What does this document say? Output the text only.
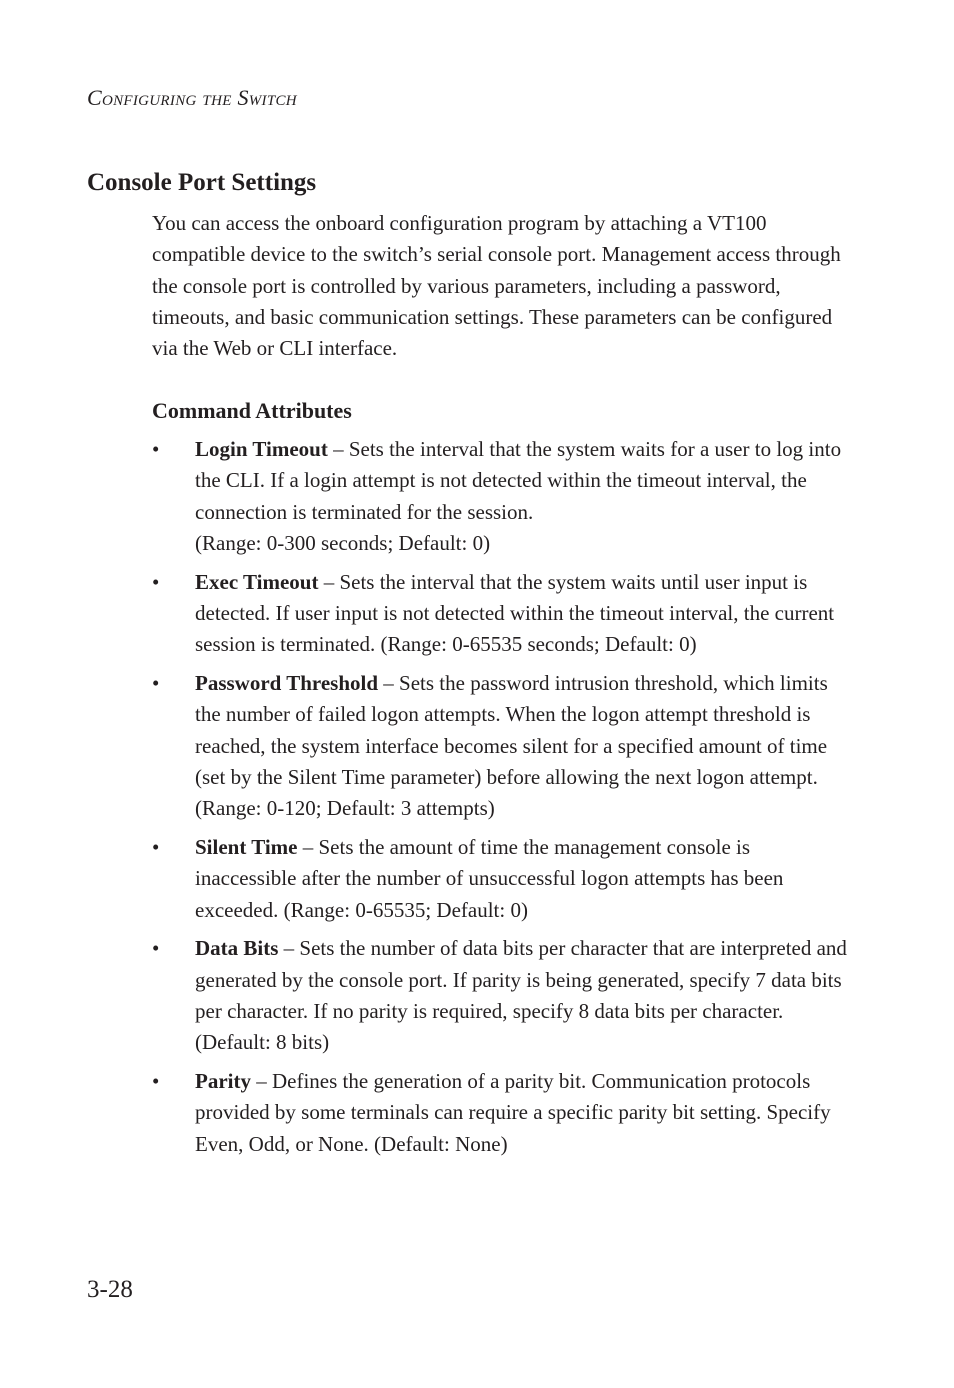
Configuring the Switch
Console Port Settings

You can access the onboard configuration program by attaching a VT100 compatible device to the switch’s serial console port. Management access through the console port is controlled by various parameters, including a password, timeouts, and basic communication settings. These parameters can be configured via the Web or CLI interface.

Command Attributes
• Login Timeout – Sets the interval that the system waits for a user to log into the CLI. If a login attempt is not detected within the timeout interval, the connection is terminated for the session.
(Range: 0-300 seconds; Default: 0)
• Exec Timeout – Sets the interval that the system waits until user input is detected. If user input is not detected within the timeout interval, the current session is terminated. (Range: 0-65535 seconds; Default: 0)
• Password Threshold – Sets the password intrusion threshold, which limits the number of failed logon attempts. When the logon attempt threshold is reached, the system interface becomes silent for a specified amount of time (set by the Silent Time parameter) before allowing the next logon attempt. (Range: 0-120; Default: 3 attempts)
• Silent Time – Sets the amount of time the management console is inaccessible after the number of unsuccessful logon attempts has been exceeded. (Range: 0-65535; Default: 0)
• Data Bits – Sets the number of data bits per character that are interpreted and generated by the console port. If parity is being generated, specify 7 data bits per character. If no parity is required, specify 8 data bits per character. (Default: 8 bits)
• Parity – Defines the generation of a parity bit. Communication protocols provided by some terminals can require a specific parity bit setting. Specify Even, Odd, or None. (Default: None)
3-28
